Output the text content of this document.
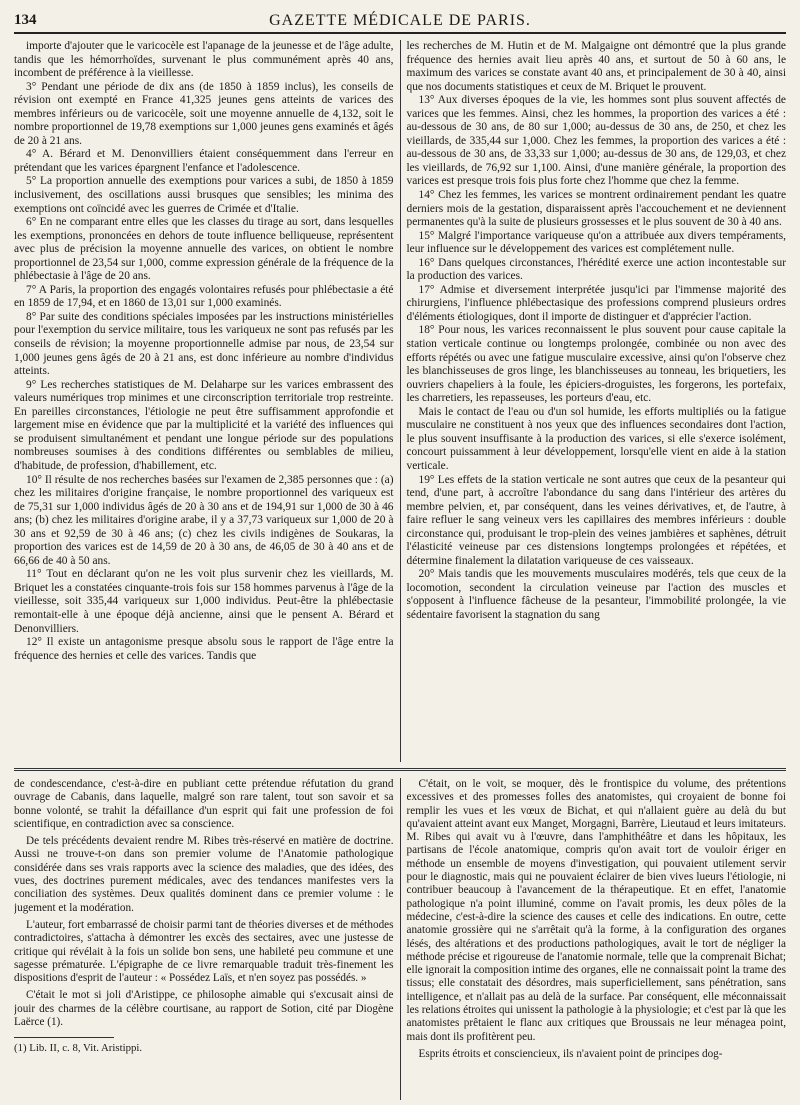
134	GAZETTE MÉDICALE DE PARIS.

importe d'ajouter que le varicocèle est l'apanage de la jeunesse et de l'âge adulte, tandis que les hémorrhoïdes, survenant le plus communément après 40 ans, incombent de préférence à la vieillesse.

3° Pendant une période de dix ans (de 1850 à 1859 inclus), les conseils de révision ont exempté en France 41,325 jeunes gens atteints de varices des membres inférieurs ou de varicocèle, soit une moyenne annuelle de 4,132, soit le nombre proportionnel de 19,78 exemptions sur 1,000 jeunes gens examinés et âgés de 20 à 21 ans.

4° A. Bérard et M. Denonvilliers étaient conséquemment dans l'erreur en prétendant que les varices épargnent l'enfance et l'adolescence.

5° La proportion annuelle des exemptions pour varices a subi, de 1850 à 1859 inclusivement, des oscillations aussi brusques que sensibles; les minima des exemptions ont coïncidé avec les guerres de Crimée et d'Italie.

6° En ne comparant entre elles que les classes du tirage au sort, dans lesquelles les exemptions, prononcées en dehors de toute influence belliqueuse, représentent avec plus de précision la moyenne annuelle des varices, on obtient le nombre proportionnel de 23,54 sur 1,000, comme expression générale de la fréquence de la phlébectasie à l'âge de 20 ans.

7° A Paris, la proportion des engagés volontaires refusés pour phlébectasie a été en 1859 de 17,94, et en 1860 de 13,01 sur 1,000 examinés.

8° Par suite des conditions spéciales imposées par les instructions ministérielles pour l'exemption du service militaire, tous les variqueux ne sont pas refusés par les conseils de révision; la moyenne proportionnelle admise par nous, de 23,54 sur 1,000 jeunes gens âgés de 20 à 21 ans, est donc inférieure au nombre d'individus atteints.

9° Les recherches statistiques de M. Delaharpe sur les varices embrassent des valeurs numériques trop minimes et une circonscription territoriale trop restreinte. En pareilles circonstances, l'étiologie ne peut être suffisamment approfondie et largement mise en évidence que par la multiplicité et la variété des influences qui se produisent simultanément et pendant une longue période sur des populations nombreuses soumises à des conditions différentes ou semblables de milieu, d'habitude, de profession, d'habillement, etc.

10° Il résulte de nos recherches basées sur l'examen de 2,385 personnes que : (a) chez les militaires d'origine française, le nombre proportionnel des variqueux est de 75,31 sur 1,000 individus âgés de 20 à 30 ans et de 194,91 sur 1,000 de 30 à 46 ans; (b) chez les militaires d'origine arabe, il y a 37,73 variqueux sur 1,000 de 20 à 30 ans et 92,59 de 30 à 46 ans; (c) chez les civils indigènes de Soukaras, la proportion des varices est de 14,59 de 20 à 30 ans, de 46,05 de 30 à 40 ans et de 66,66 de 40 à 50 ans.

11° Tout en déclarant qu'on ne les voit plus survenir chez les vieillards, M. Briquet les a constatées cinquante-trois fois sur 158 hommes parvenus à l'âge de la vieillesse, soit 335,44 variqueux sur 1,000 individus. Peut-être la phlébectasie remontait-elle à une époque déjà ancienne, ainsi que le pensent A. Bérard et Denonvilliers.

12° Il existe un antagonisme presque absolu sous le rapport de l'âge entre la fréquence des hernies et celle des varices. Tandis que

les recherches de M. Hutin et de M. Malgaigne ont démontré que la plus grande fréquence des hernies avait lieu après 40 ans, et surtout de 50 à 60 ans, le maximum des varices se constate avant 40 ans, et principalement de 30 à 40, ainsi que nos documents statistiques et ceux de M. Briquet le prouvent.

13° Aux diverses époques de la vie, les hommes sont plus souvent affectés de varices que les femmes. Ainsi, chez les hommes, la proportion des varices a été : au-dessous de 30 ans, de 80 sur 1,000; au-dessus de 30 ans, de 250, et chez les vieillards, de 335,44 sur 1,000. Chez les femmes, la proportion des varices a été : au-dessous de 30 ans, de 33,33 sur 1,000; au-dessus de 30 ans, de 129,03, et chez les vieillards, de 76,92 sur 1,100. Ainsi, d'une manière générale, la proportion des varices est presque trois fois plus forte chez l'homme que chez la femme.

14° Chez les femmes, les varices se montrent ordinairement pendant les quatre derniers mois de la gestation, disparaissent après l'accouchement et ne deviennent permanentes qu'à la suite de plusieurs grossesses et le plus souvent de 30 à 40 ans.

15° Malgré l'importance variqueuse qu'on a attribuée aux divers tempéraments, leur influence sur le développement des varices est complétement nulle.

16° Dans quelques circonstances, l'hérédité exerce une action incontestable sur la production des varices.

17° Admise et diversement interprétée jusqu'ici par l'immense majorité des chirurgiens, l'influence phlébectasique des professions comprend plusieurs ordres d'éléments étiologiques, dont il importe de distinguer et d'apprécier l'action.

18° Pour nous, les varices reconnaissent le plus souvent pour cause capitale la station verticale continue ou longtemps prolongée, combinée ou non avec des efforts répétés ou avec une fatigue musculaire excessive, ainsi qu'on l'observe chez les blanchisseuses de gros linge, les blanchisseuses au tonneau, les briquetiers, les ouvriers chapeliers à la foule, les épiciers-droguistes, les forgerons, les portefaix, les charretiers, les repasseuses, les porteurs d'eau, etc.

Mais le contact de l'eau ou d'un sol humide, les efforts multipliés ou la fatigue musculaire ne constituent à nos yeux que des influences secondaires dont l'action, le plus souvent insuffisante à la production des varices, si elle s'exerce isolément, concourt puissamment à leur développement, lorsqu'elle vient en aide à la station verticale.

19° Les effets de la station verticale ne sont autres que ceux de la pesanteur qui tend, d'une part, à accroître l'abondance du sang dans l'intérieur des artères du membre pelvien, et, par conséquent, dans les veines dérivatives, et, de l'autre, à faire refluer le sang veineux vers les capillaires des membres inférieurs : double circonstance qui, produisant le trop-plein des veines jambières et saphènes, détruit l'élasticité veineuse par ces distensions longtemps prolongées et répétées, et détermine finalement la dilatation variqueuse de ces vaisseaux.

20° Mais tandis que les mouvements musculaires modérés, tels que ceux de la locomotion, secondent la circulation veineuse par l'action des muscles et s'opposent à l'influence fâcheuse de la pesanteur, l'immobilité prolongée, la vie sédentaire favorisent la stagnation du sang

de condescendance, c'est-à-dire en publiant cette prétendue réfutation du grand ouvrage de Cabanis, dans laquelle, malgré son rare talent, tout son savoir et sa bonne volonté, se trahit la défaillance d'un esprit qui fait une profession de foi scientifique, en contradiction avec sa conscience.

De tels précédents devaient rendre M. Ribes très-réservé en matière de doctrine. Aussi ne trouve-t-on dans son premier volume de l'Anatomie pathologique considérée dans ses vrais rapports avec la science des maladies, que des idées, des vues, des doctrines purement médicales, avec des tendances manifestes vers la conciliation des systèmes. Deux qualités dominent dans ce premier volume : le jugement et la modération.

L'auteur, fort embarrassé de choisir parmi tant de théories diverses et de méthodes contradictoires, s'attacha à démontrer les excès des sectaires, avec une justesse de critique qui révélait à la fois un solide bon sens, une habileté peu commune et une sagesse prématurée. L'épigraphe de ce livre remarquable traduit très-finement les dispositions d'esprit de l'auteur : « Possédez Laïs, et n'en soyez pas possédés. »

C'était le mot si joli d'Aristippe, ce philosophe aimable qui s'excusait ainsi de jouir des charmes de la célèbre courtisane, au rapport de Sotion, cité par Diogène Laërce (1).

(1) Lib. II, c. 8, Vit. Aristippi.

C'était, on le voit, se moquer, dès le frontispice du volume, des prétentions excessives et des promesses folles des anatomistes, qui croyaient de bonne foi remplir les vues et les vœux de Bichat, et qui n'allaient guère au delà du but qu'avaient atteint avant eux Manget, Morgagni, Barrère, Lieutaud et leurs imitateurs. M. Ribes qui avait vu à l'œuvre, dans l'amphithéâtre et dans les hôpitaux, les partisans de l'école anatomique, compris qu'on avait tort de vouloir ériger en méthode un ensemble de moyens d'investigation, qui pouvaient utilement servir pour le diagnostic, mais qui ne pouvaient éclairer de bien vives lueurs l'étiologie, ni contribuer beaucoup à l'avancement de la thérapeutique. Et en effet, l'anatomie pathologique n'a point illuminé, comme on l'avait promis, les deux pôles de la médecine, c'est-à-dire la science des causes et celle des indications. En outre, cette anatomie grossière qui ne s'arrêtait qu'à la forme, à la configuration des organes lésés, des altérations et des productions pathologiques, avait le tort de négliger la méthode précise et rigoureuse de l'anatomie normale, telle que la comprenait Bichat; elle ignorait la composition intime des organes, elle ne connaissait point la trame des tissus; elle constatait des désordres, mais superficiellement, sans pénétration, sans intelligence, et n'allait pas au delà de la surface. Par conséquent, elle méconnaissait les relations étroites qui unissent la pathologie à la physiologie; et c'est par là que les anatomistes prêtaient le flanc aux critiques que Broussais ne leur ménagea point, mais dont ils profitèrent peu.

Esprits étroits et consciencieux, ils n'avaient point de principes dog-
